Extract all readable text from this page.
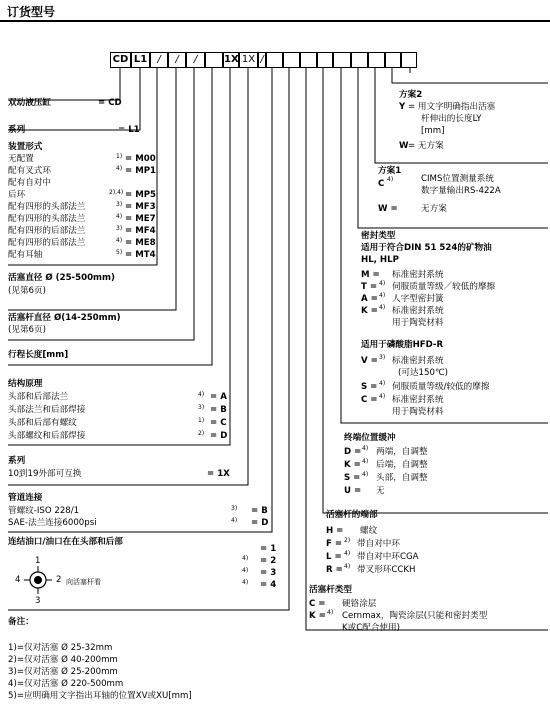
订货型号
CD L1	/	/	/	1X 1X /
双动液压缸	= CD
系列	= L1
装置形式
无配置	1) = M00
配有叉式环	4) = MP1
配有自对中
后环	2),4) = MP5
配有四形的头部法兰	3) = MF3
配有四形的头部法兰	4) = ME7
配有四形的后部法兰	3) = MF4
配有四形的后部法兰	4) = ME8
配有耳轴	5) = MT4
活塞直径 Ø (25-500mm)
(见第6页)
活塞杆直径 Ø(14-250mm)
(见第6页)
行程长度[mm]
结构原理
头部和后部法兰	4) = A
头部法兰和后部焊接	3) = B
头部和后部有螺纹	1) = C
头部螺纹和后部焊接	2) = D
系列
10到19外部可互换	= 1X
管道连接
管螺纹-ISO 228/1	3) = B
SAE-法兰连接6000psi	4) = D
连结油口/油口在在头部和后部
= 1
4) = 2
4) = 3
4) = 4
1
2
3
4	向活塞杆看
备注：
1)=仅对活塞 Ø 25-32mm
2)=仅对活塞 Ø 40-200mm
3)=仅对活塞 Ø 25-200mm
4)=仅对活塞 Ø 220-500mm
5)=应明确用文字指出耳轴的位置XV或XU[mm]
方案2
Y = 用文字明确指出活塞
杆伸出的长度LY
[mm]
W = 无方案
方案1
C 4)	CIMS位置测量系统
数字量输出RS-422A
W =	无方案
密封类型
适用于符合DIN 51 524的矿物油
HL, HLP
M = 标准密封系统
T = 4) 伺服质量等级／较低的摩擦
A = 4) 人字型密封簧
K = 4) 标准密封系统
用于陶瓷材料
适用于磷酸脂HFD-R
V = 3) 标准密封系统
(可达150℃)
S = 4) 伺服质量等级/较低的摩擦
C = 4) 标准密封系统
用于陶瓷材料
终端位置缓冲
D = 4) 两端，自调整
K = 4) 后端，自调整
S = 4) 头部，自调整
U = 无
活塞杆的端部
H = 螺纹
F = 2) 带自对中环
L = 4) 带自对中环CGA
R = 4) 带叉形环CCKH
活塞杆类型
C = 硬铬涂层
K = 4) Cernmax，陶瓷涂层(只能和密封类型
K或C配合使用)
